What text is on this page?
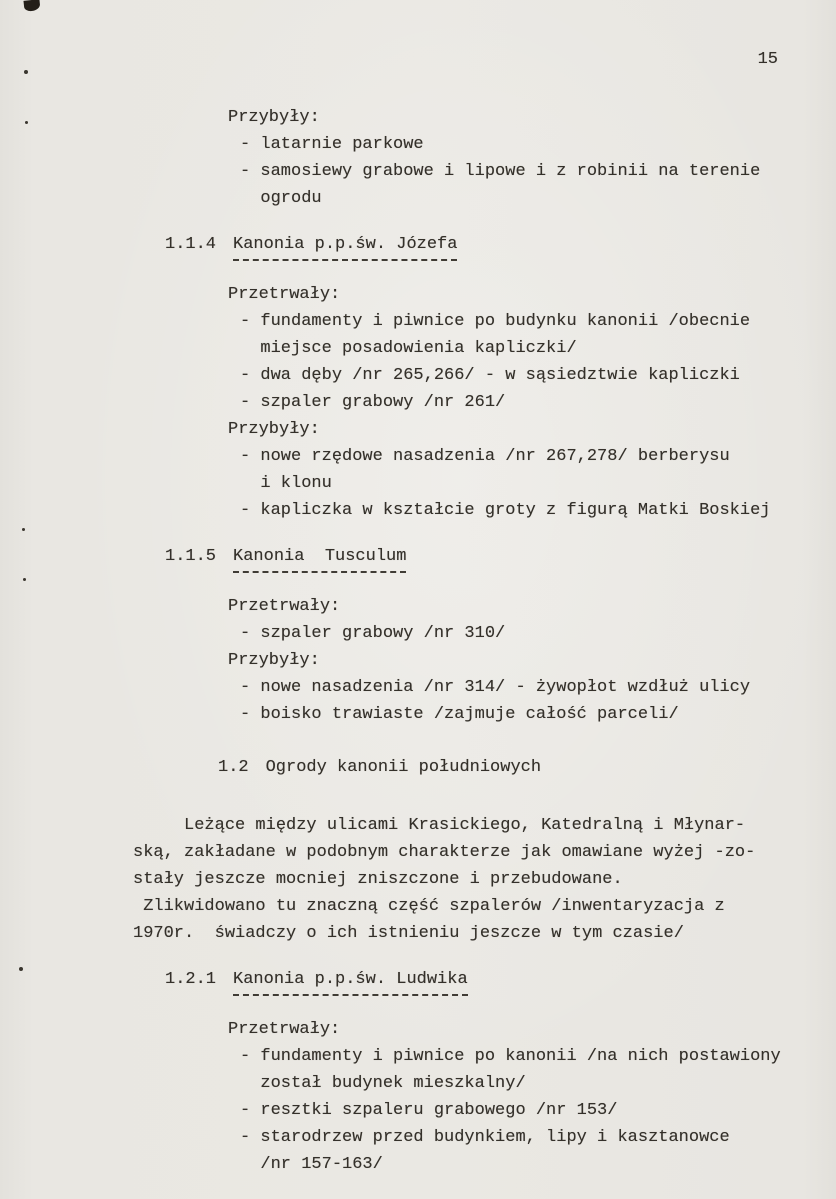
15
Przybyły:
- latarnie parkowe
- samosiewy grabowe i lipowe i z robinii na terenie
ogrodu
1.1.4 Kanonia p.p.św. Józefa
Przetrwały:
- fundamenty i piwnice po budynku kanonii /obecnie
miejsce posadowienia kapliczki/
- dwa dęby /nr 265,266/ - w sąsiedztwie kapliczki
- szpaler grabowy /nr 261/
Przybyły:
- nowe rzędowe nasadzenia /nr 267,278/ berberysu
i klonu
- kapliczka w kształcie groty z figurą Matki Boskiej
1.1.5 Kanonia  Tusculum
Przetrwały:
- szpaler grabowy /nr 310/
Przybyły:
- nowe nasadzenia /nr 314/ - żywopłot wzdłuż ulicy
- boisko trawiaste /zajmuje całość parceli/
1.2 Ogrody kanonii południowych
Leżące między ulicami Krasickiego, Katedralną i Młynar-
ską, zakładane w podobnym charakterze jak omawiane wyżej -zo-
stały jeszcze mocniej zniszczone i przebudowane.
Zlikwidowano tu znaczną część szpalerów /inwentaryzacja z
1970r.  świadczy o ich istnieniu jeszcze w tym czasie/
1.2.1 Kanonia p.p.św. Ludwika
Przetrwały:
- fundamenty i piwnice po kanonii /na nich postawiony
został budynek mieszkalny/
- resztki szpaleru grabowego /nr 153/
- starodrzew przed budynkiem, lipy i kasztanowce
/nr 157-163/
